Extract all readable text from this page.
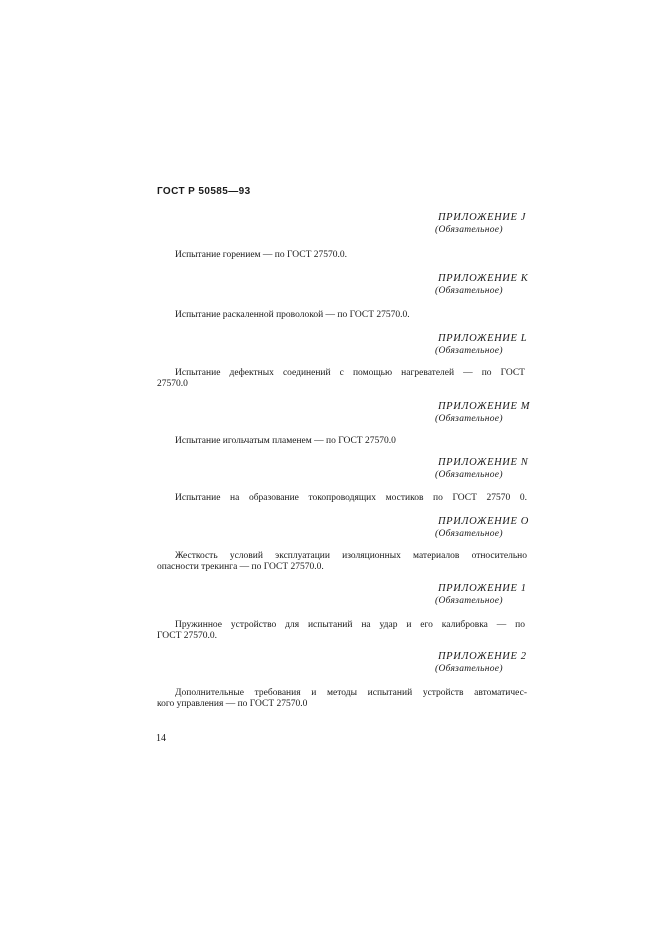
ГОСТ Р 50585—93
ПРИЛОЖЕНИЕ J
(Обязательное)
Испытание горением — по ГОСТ 27570.0.
ПРИЛОЖЕНИЕ К
(Обязательное)
Испытание раскаленной проволокой — по ГОСТ 27570.0.
ПРИЛОЖЕНИЕ L
(Обязательное)
Испытание дефектных соединений с помощью нагревателей — по ГОСТ
27570.0
ПРИЛОЖЕНИЕ М
(Обязательное)
Испытание игольчатым пламенем — по ГОСТ 27570.0
ПРИЛОЖЕНИЕ N
(Обязательное)
Испытание на образование токопроводящих мостиков по ГОСТ 27570 0.
ПРИЛОЖЕНИЕ О
(Обязательное)
Жесткость условий эксплуатации изоляционных материалов относительно
опасности трекинга — по ГОСТ 27570.0.
ПРИЛОЖЕНИЕ 1
(Обязательное)
Пружинное устройство для испытаний на удар и его калибровка — по
ГОСТ 27570.0.
ПРИЛОЖЕНИЕ 2
(Обязательное)
Дополнительные требования и методы испытаний устройств автоматичес-
кого управления — по ГОСТ 27570.0
14
